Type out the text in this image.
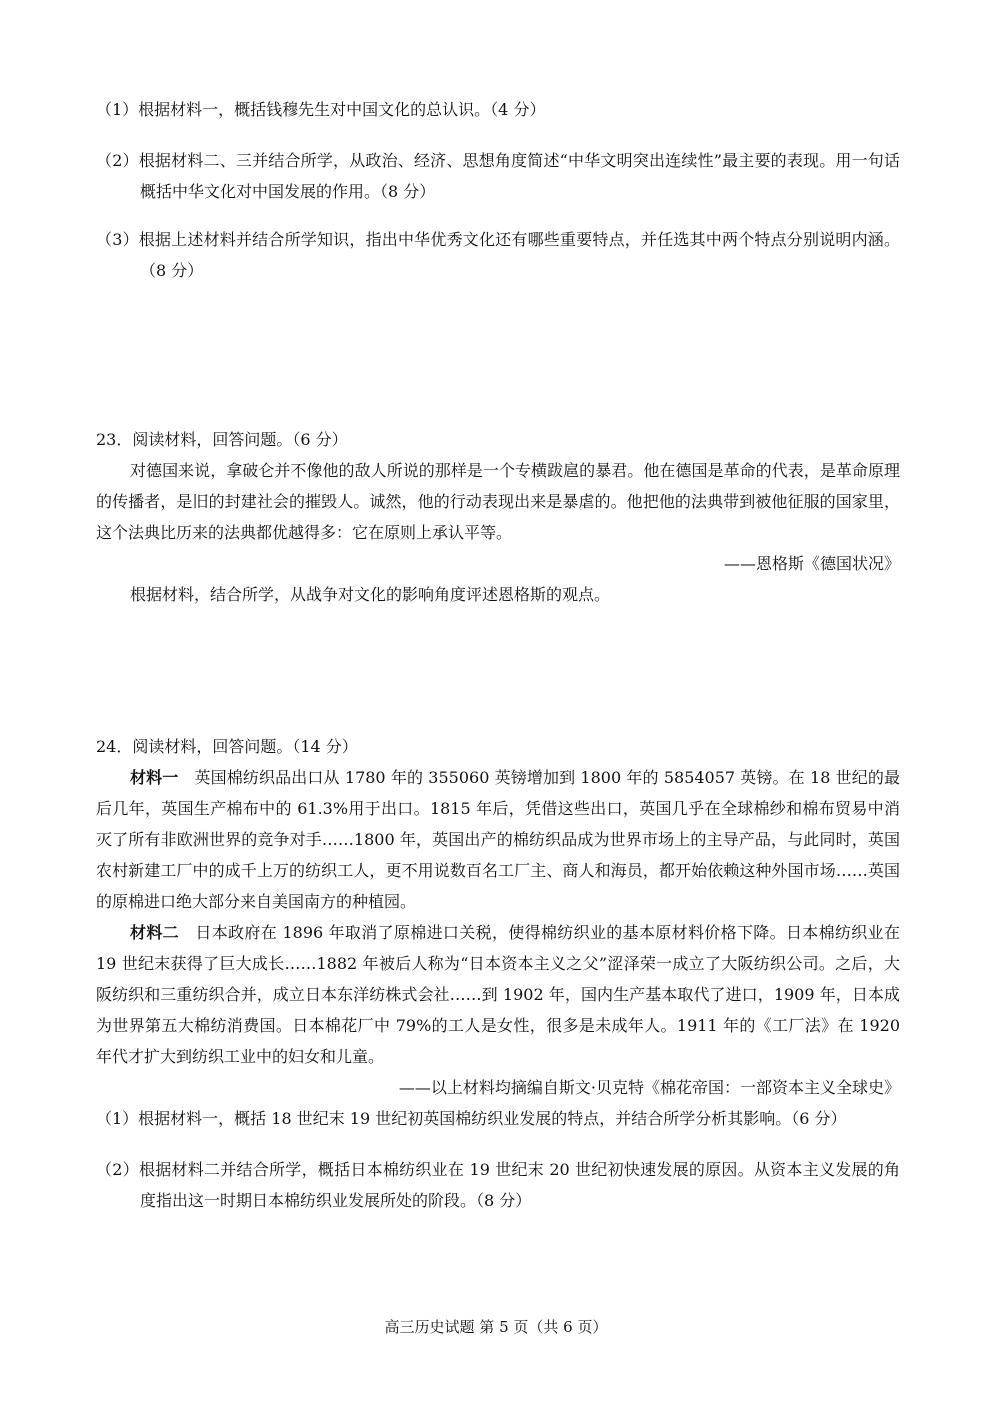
（1）根据材料一，概括钱穆先生对中国文化的总认识。（4 分）

（2）根据材料二、三并结合所学，从政治、经济、思想角度简述“中华文明突出连续性”最主要的表现。用一句话概括中华文化对中国发展的作用。（8 分）

（3）根据上述材料并结合所学知识，指出中华优秀文化还有哪些重要特点，并任选其中两个特点分别说明内涵。（8 分）

23．阅读材料，回答问题。（6 分）

对德国来说，拿破仑并不像他的敌人所说的那样是一个专横跋扈的暴君。他在德国是革命的代表，是革命原理的传播者，是旧的封建社会的摧毁人。诚然，他的行动表现出来是暴虐的。他把他的法典带到被他征服的国家里，这个法典比历来的法典都优越得多：它在原则上承认平等。

——恩格斯《德国状况》

根据材料，结合所学，从战争对文化的影响角度评述恩格斯的观点。

24．阅读材料，回答问题。（14 分）

材料一　 英国棉纺织品出口从 1780 年的 355060 英镑增加到 1800 年的 5854057 英镑。在 18 世纪的最后几年，英国生产棉布中的 61.3%用于出口。1815 年后，凭借这些出口，英国几乎在全球棉纱和棉布贸易中消灭了所有非欧洲世界的竞争对手……1800 年，英国出产的棉纺织品成为世界市场上的主导产品，与此同时，英国农村新建工厂中的成千上万的纺织工人，更不用说数百名工厂主、商人和海员，都开始依赖这种外国市场……英国的原棉进口绝大部分来自美国南方的种植园。

材料二　 日本政府在 1896 年取消了原棉进口关税，使得棉纺织业的基本原材料价格下降。日本棉纺织业在 19 世纪末获得了巨大成长……1882 年被后人称为“日本资本主义之父”涩泽荣一成立了大阪纺织公司。之后，大阪纺织和三重纺织合并，成立日本东洋纺株式会社……到 1902 年，国内生产基本取代了进口，1909 年，日本成为世界第五大棉纺消费国。日本棉花厂中 79%的工人是女性，很多是未成年人。1911 年的《工厂法》在 1920 年代才扩大到纺织工业中的妇女和儿童。

——以上材料均摘编自斯文·贝克特《棉花帝国：一部资本主义全球史》

（1）根据材料一，概括 18 世纪末 19 世纪初英国棉纺织业发展的特点，并结合所学分析其影响。（6 分）

（2）根据材料二并结合所学，概括日本棉纺织业在 19 世纪末 20 世纪初快速发展的原因。从资本主义发展的角度指出这一时期日本棉纺织业发展所处的阶段。（8 分）

高三历史试题 第 5 页（共 6 页）
